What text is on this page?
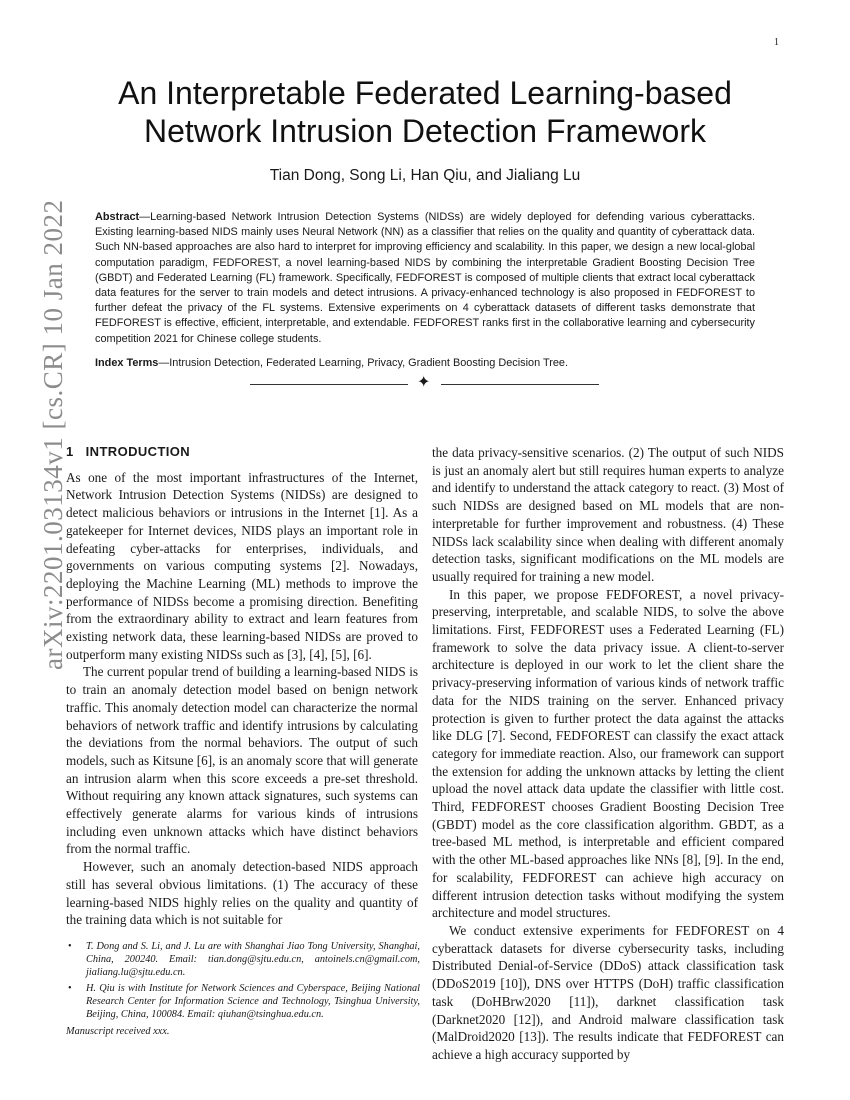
1
arXiv:2201.03134v1 [cs.CR] 10 Jan 2022
An Interpretable Federated Learning-based
Network Intrusion Detection Framework
Tian Dong, Song Li, Han Qiu, and Jialiang Lu
Abstract—Learning-based Network Intrusion Detection Systems (NIDSs) are widely deployed for defending various cyberattacks. Existing learning-based NIDS mainly uses Neural Network (NN) as a classifier that relies on the quality and quantity of cyberattack data. Such NN-based approaches are also hard to interpret for improving efficiency and scalability. In this paper, we design a new local-global computation paradigm, FEDFOREST, a novel learning-based NIDS by combining the interpretable Gradient Boosting Decision Tree (GBDT) and Federated Learning (FL) framework. Specifically, FEDFOREST is composed of multiple clients that extract local cyberattack data features for the server to train models and detect intrusions. A privacy-enhanced technology is also proposed in FEDFOREST to further defeat the privacy of the FL systems. Extensive experiments on 4 cyberattack datasets of different tasks demonstrate that FEDFOREST is effective, efficient, interpretable, and extendable. FEDFOREST ranks first in the collaborative learning and cybersecurity competition 2021 for Chinese college students.
Index Terms—Intrusion Detection, Federated Learning, Privacy, Gradient Boosting Decision Tree.
✦
1 INTRODUCTION

As one of the most important infrastructures of the Internet, Network Intrusion Detection Systems (NIDSs) are designed to detect malicious behaviors or intrusions in the Internet [1]. As a gatekeeper for Internet devices, NIDS plays an important role in defeating cyber-attacks for enterprises, individuals, and governments on various computing systems [2]. Nowadays, deploying the Machine Learning (ML) methods to improve the performance of NIDSs become a promising direction. Benefiting from the extraordinary ability to extract and learn features from existing network data, these learning-based NIDSs are proved to outperform many existing NIDSs such as [3], [4], [5], [6].

The current popular trend of building a learning-based NIDS is to train an anomaly detection model based on benign network traffic. This anomaly detection model can characterize the normal behaviors of network traffic and identify intrusions by calculating the deviations from the normal behaviors. The output of such models, such as Kitsune [6], is an anomaly score that will generate an intrusion alarm when this score exceeds a pre-set threshold. Without requiring any known attack signatures, such systems can effectively generate alarms for various kinds of intrusions including even unknown attacks which have distinct behaviors from the normal traffic.

However, such an anomaly detection-based NIDS approach still has several obvious limitations. (1) The accuracy of these learning-based NIDS highly relies on the quality and quantity of the training data which is not suitable for

the data privacy-sensitive scenarios. (2) The output of such NIDS is just an anomaly alert but still requires human experts to analyze and identify to understand the attack category to react. (3) Most of such NIDSs are designed based on ML models that are non-interpretable for further improvement and robustness. (4) These NIDSs lack scalability since when dealing with different anomaly detection tasks, significant modifications on the ML models are usually required for training a new model.

In this paper, we propose FEDFOREST, a novel privacy-preserving, interpretable, and scalable NIDS, to solve the above limitations. First, FEDFOREST uses a Federated Learning (FL) framework to solve the data privacy issue. A client-to-server architecture is deployed in our work to let the client share the privacy-preserving information of various kinds of network traffic data for the NIDS training on the server. Enhanced privacy protection is given to further protect the data against the attacks like DLG [7]. Second, FEDFOREST can classify the exact attack category for immediate reaction. Also, our framework can support the extension for adding the unknown attacks by letting the client upload the novel attack data update the classifier with little cost. Third, FEDFOREST chooses Gradient Boosting Decision Tree (GBDT) model as the core classification algorithm. GBDT, as a tree-based ML method, is interpretable and efficient compared with the other ML-based approaches like NNs [8], [9]. In the end, for scalability, FEDFOREST can achieve high accuracy on different intrusion detection tasks without modifying the system architecture and model structures.

We conduct extensive experiments for FEDFOREST on 4 cyberattack datasets for diverse cybersecurity tasks, including Distributed Denial-of-Service (DDoS) attack classification task (DDoS2019 [10]), DNS over HTTPS (DoH) traffic classification task (DoHBrw2020 [11]), darknet classification task (Darknet2020 [12]), and Android malware classification task (MalDroid2020 [13]). The results indicate that FEDFOREST can achieve a high accuracy supported by

• T. Dong and S. Li, and J. Lu are with Shanghai Jiao Tong University, Shanghai, China, 200240. Email: tian.dong@sjtu.edu.cn, antoinels.cn@gmail.com, jialiang.lu@sjtu.edu.cn.
• H. Qiu is with Institute for Network Sciences and Cyberspace, Beijing National Research Center for Information Science and Technology, Tsinghua University, Beijing, China, 100084. Email: qiuhan@tsinghua.edu.cn.
Manuscript received xxx.
